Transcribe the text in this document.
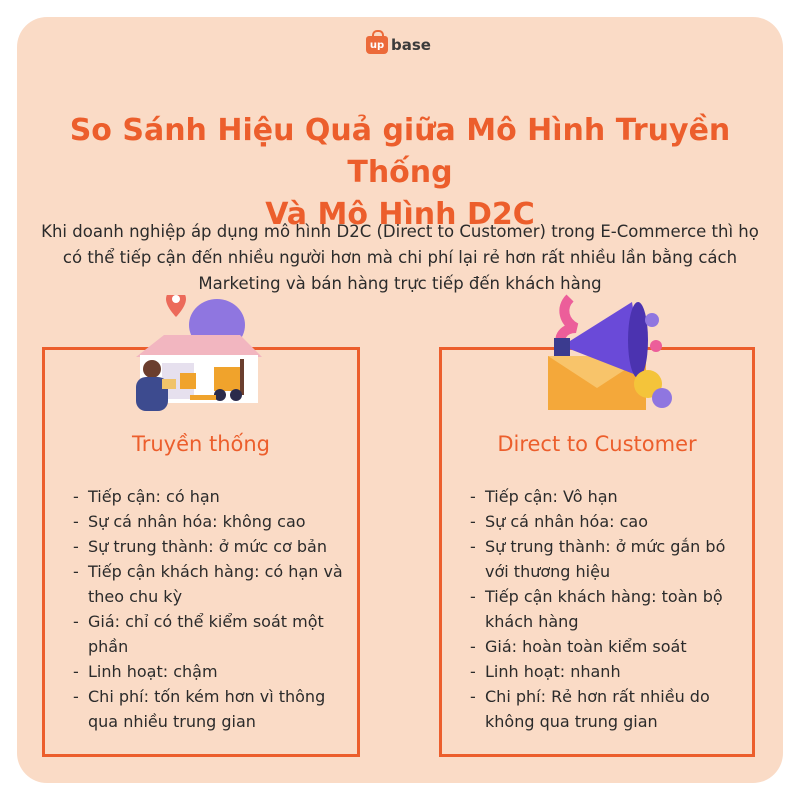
up base
So Sánh Hiệu Quả giữa Mô Hình Truyền Thống
Và Mô Hình D2C
Khi doanh nghiệp áp dụng mô hình D2C (Direct to Customer) trong E-Commerce thì họ
có thể tiếp cận đến nhiều người hơn mà chi phí lại rẻ hơn rất nhiều lần bằng cách
Marketing và bán hàng trực tiếp đến khách hàng
Truyền thống
- Tiếp cận: có hạn
- Sự cá nhân hóa: không cao
- Sự trung thành: ở mức cơ bản
- Tiếp cận khách hàng: có hạn và
theo chu kỳ
- Giá: chỉ có thể kiểm soát một
phần
- Linh hoạt: chậm
- Chi phí: tốn kém hơn vì thông
qua nhiều trung gian
Direct to Customer
- Tiếp cận: Vô hạn
- Sự cá nhân hóa: cao
- Sự trung thành: ở mức gắn bó
với thương hiệu
- Tiếp cận khách hàng: toàn bộ
khách hàng
- Giá: hoàn toàn kiểm soát
- Linh hoạt: nhanh
- Chi phí: Rẻ hơn rất nhiều do
không qua trung gian
